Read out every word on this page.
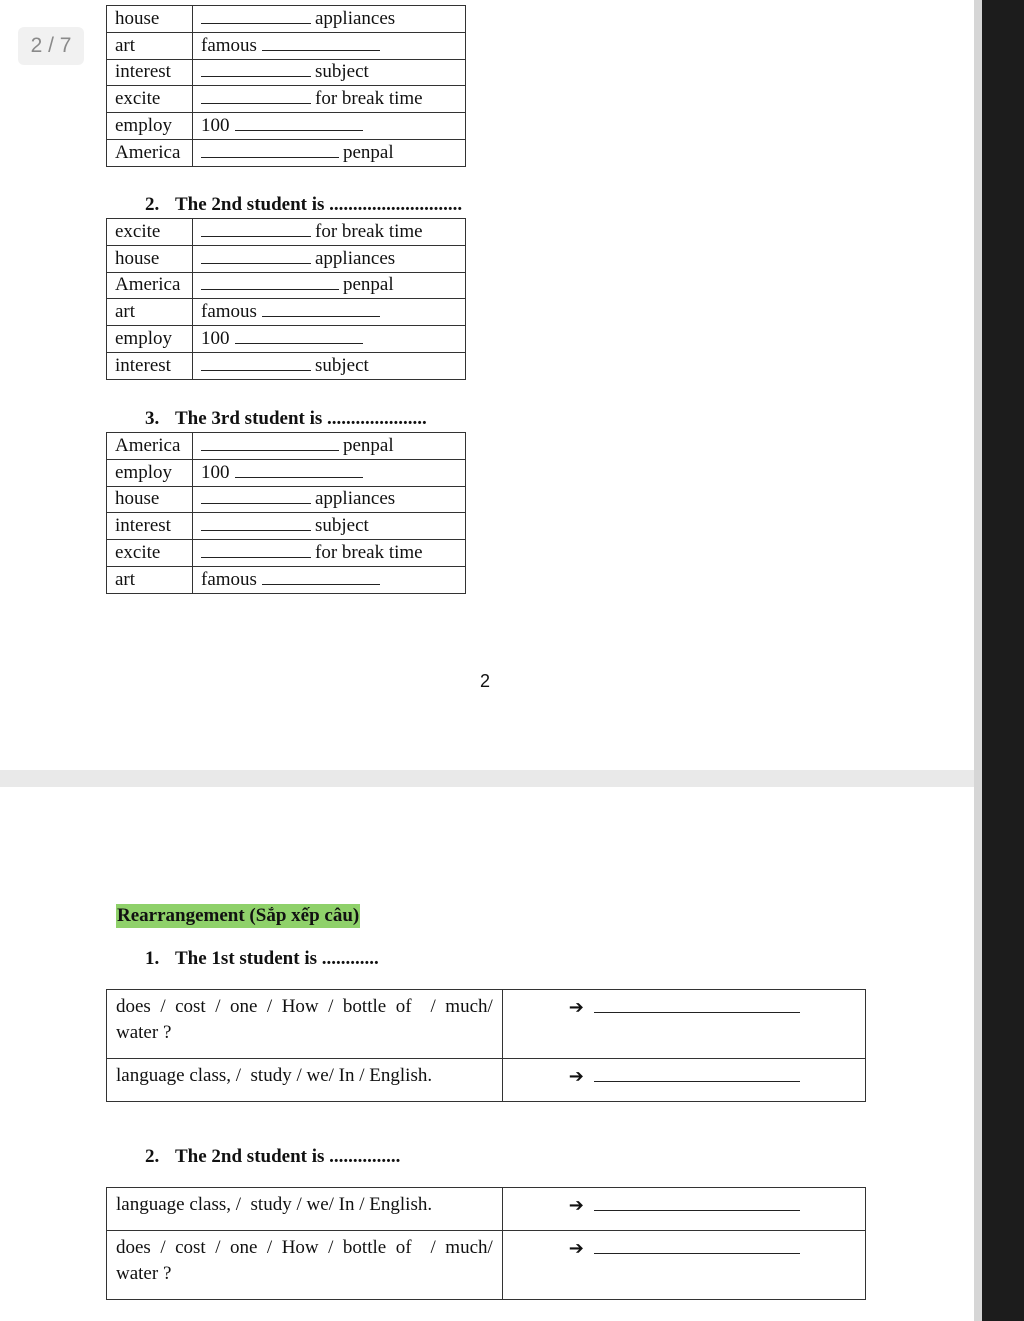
house	appliances
art	famous
interest	subject
excite	for break time
employ	100
America	penpal
2. The 2nd student is ............................
excite	for break time
house	appliances
America	penpal
art	famous
employ	100
interest	subject
3. The 3rd student is .....................
America	penpal
employ	100
house	appliances
interest	subject
excite	for break time
art	famous
2
2 / 7
Rearrangement (Sắp xếp câu)
1. The 1st student is ............
does  /  cost  /  one  /  How  /  bottle  of    /  much/
water ?	➔

language class, /  study / we/ In / English.	➔
2. The 2nd student is ...............
language class, /  study / we/ In / English.	➔

does  /  cost  /  one  /  How  /  bottle  of    /  much/
water ?	➔
